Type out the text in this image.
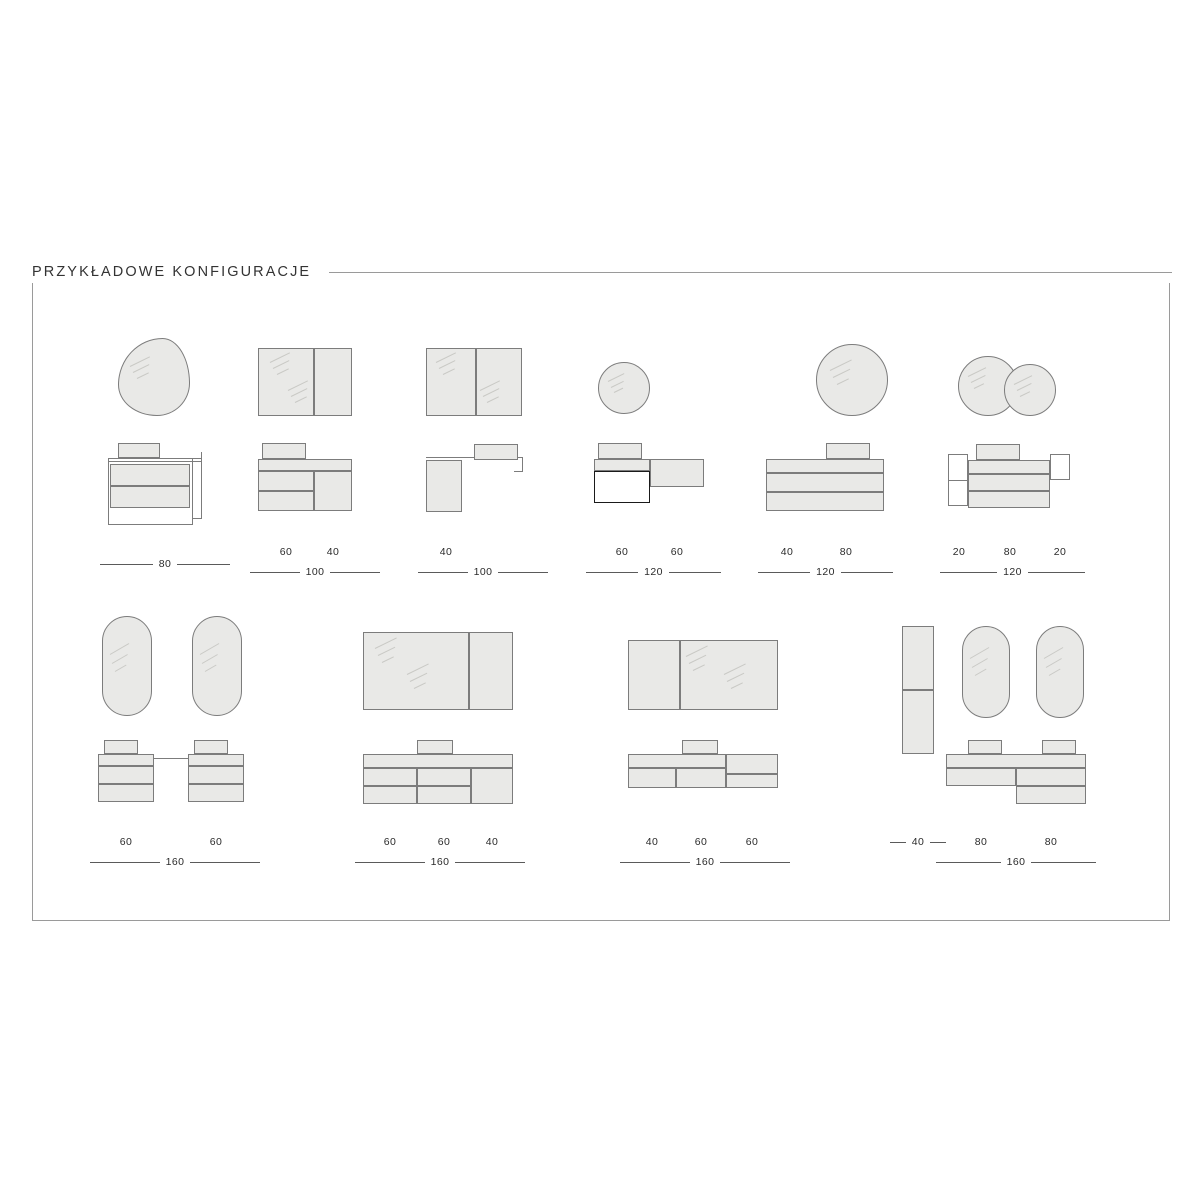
PRZYKŁADOWE KONFIGURACJE
80
60	40
100
40
100
60	60
120
40	80
120
20	80	20
120
60	60
160
60	60	40
160
40	60	60
160
40	80	80
160
